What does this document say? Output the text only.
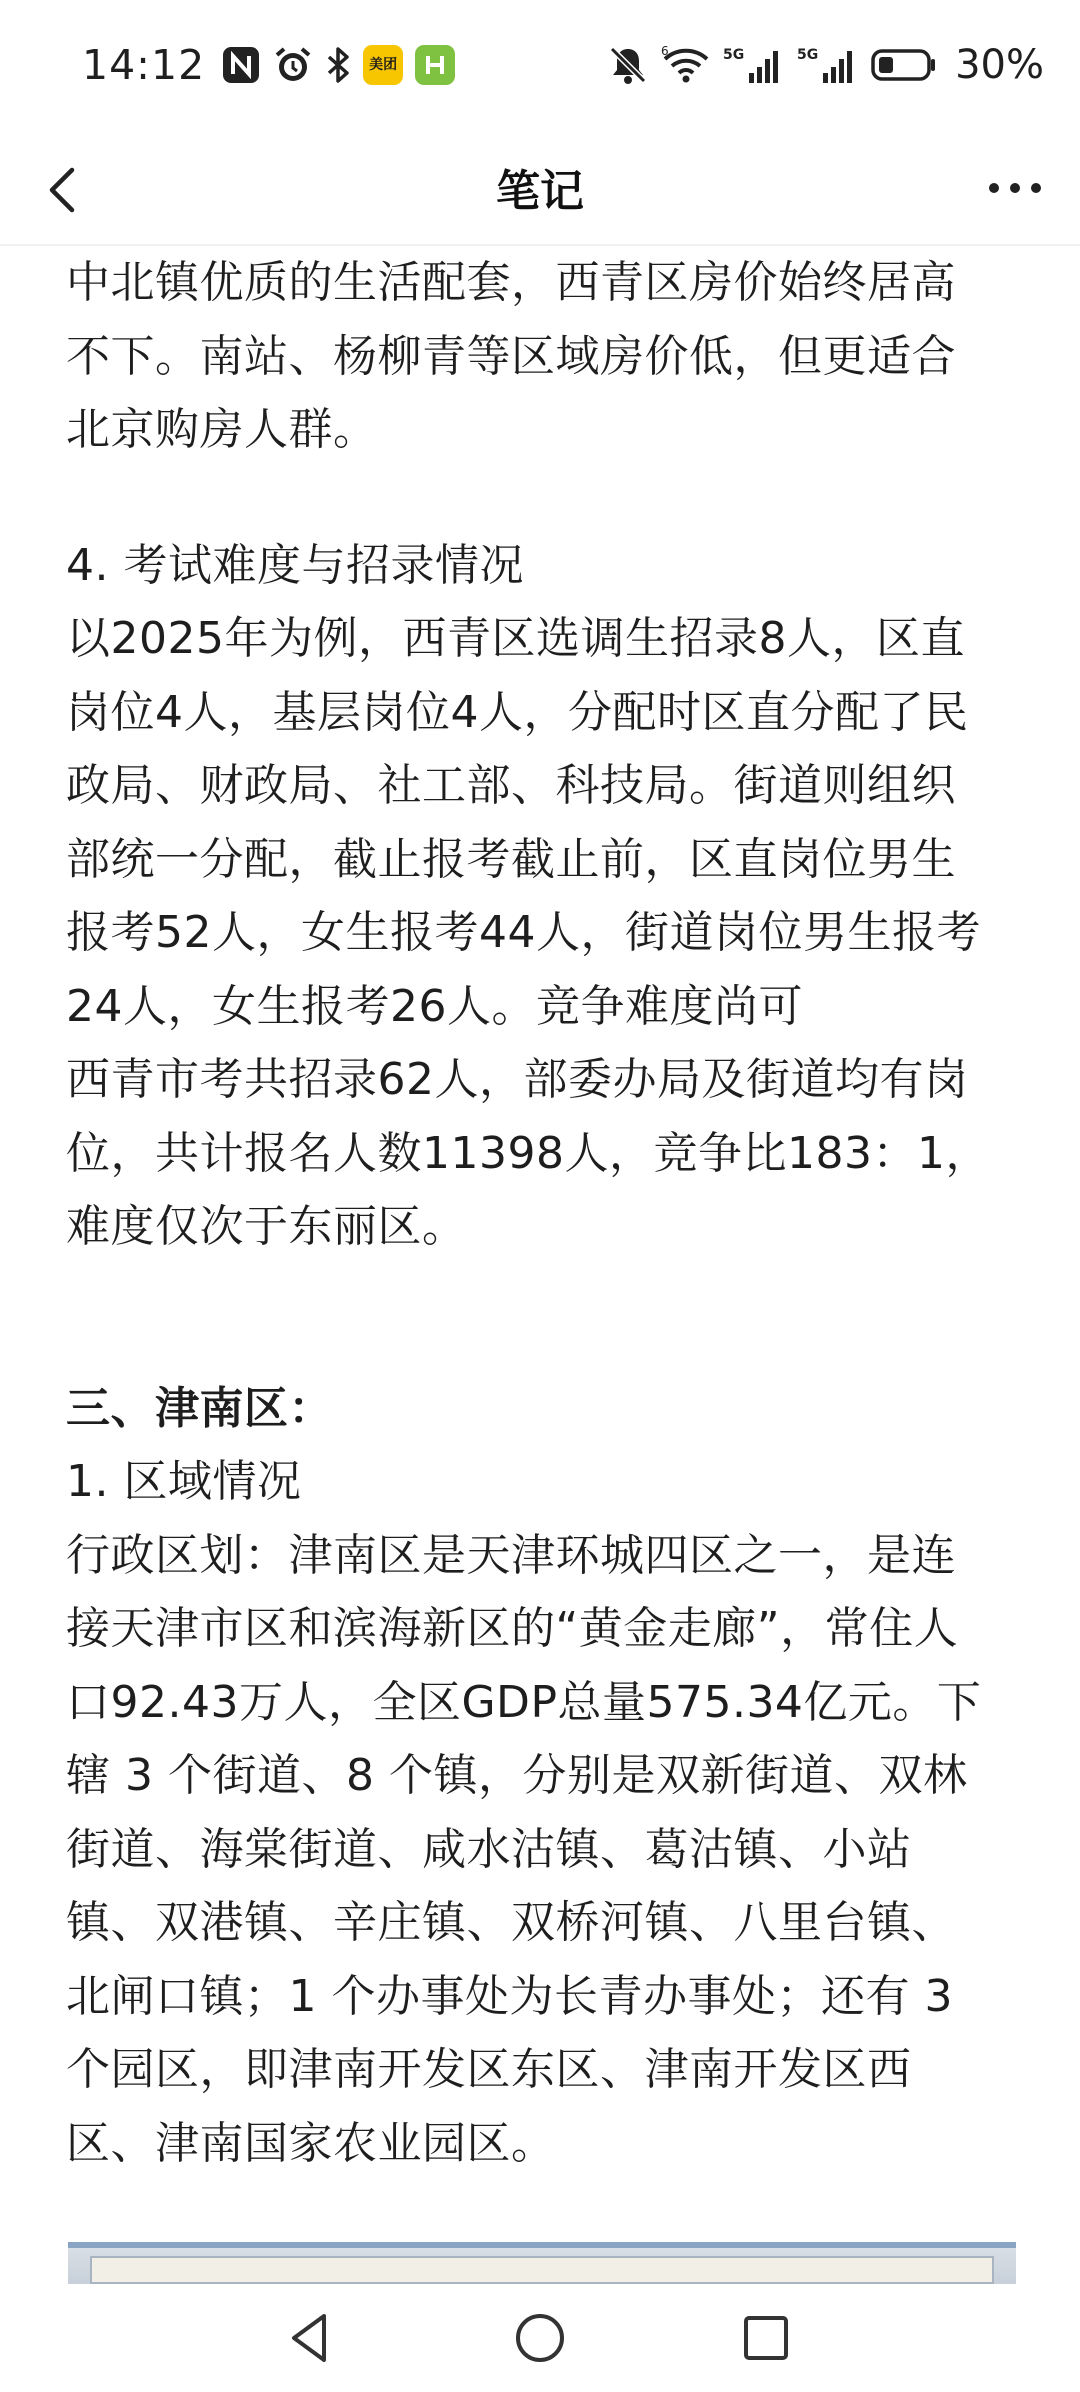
14:12	美团
6	5G	5G	30%
笔记
中北镇优质的生活配套，西青区房价始终居高
不下。南站、杨柳青等区域房价低，但更适合
北京购房人群。
4. 考试难度与招录情况
以2025年为例，西青区选调生招录8人，区直
岗位4人，基层岗位4人，分配时区直分配了民
政局、财政局、社工部、科技局。街道则组织
部统一分配，截止报考截止前，区直岗位男生
报考52人，女生报考44人，街道岗位男生报考
24人，女生报考26人。竞争难度尚可
西青市考共招录62人，部委办局及街道均有岗
位，共计报名人数11398人，竞争比183：1，
难度仅次于东丽区。
三、津南区：
1. 区域情况
行政区划：津南区是天津环城四区之一，是连
接天津市区和滨海新区的“黄金走廊”，常住人
口92.43万人，全区GDP总量575.34亿元。下
辖 3 个街道、8 个镇，分别是双新街道、双林
街道、海棠街道、咸水沽镇、葛沽镇、小站
镇、双港镇、辛庄镇、双桥河镇、八里台镇、
北闸口镇；1 个办事处为长青办事处；还有 3
个园区，即津南开发区东区、津南开发区西
区、津南国家农业园区。
